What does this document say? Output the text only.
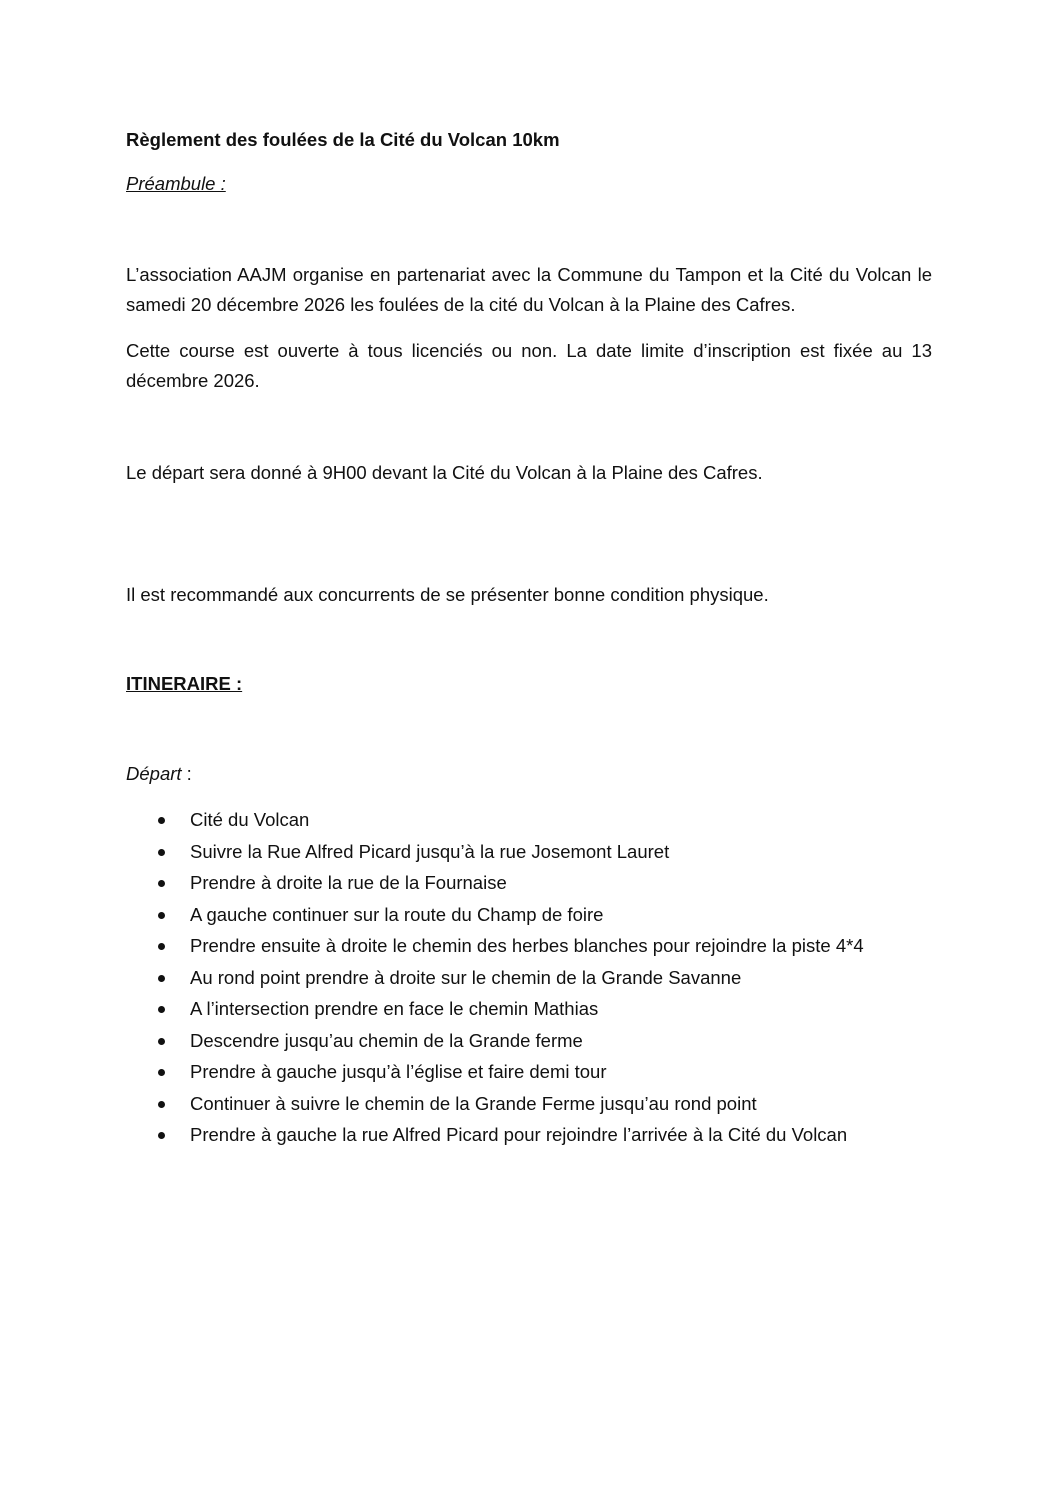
Règlement des foulées de la Cité du Volcan 10km

Préambule :

L’association AAJM organise en partenariat avec la Commune du Tampon et la Cité du Volcan le samedi 20 décembre 2026 les foulées de la cité du Volcan à la Plaine des Cafres.

Cette course est ouverte à tous licenciés ou non. La date limite d’inscription est fixée au 13 décembre 2026.

Le départ sera donné à 9H00 devant la Cité du Volcan à la Plaine des Cafres.

Il est recommandé aux concurrents de se présenter bonne condition physique.

ITINERAIRE :

Départ :

Cité du Volcan
Suivre la Rue Alfred Picard jusqu’à la rue Josemont Lauret
Prendre à droite la rue de la Fournaise
A gauche continuer sur la route du Champ de foire
Prendre ensuite à droite le chemin des herbes blanches pour rejoindre la piste 4*4
Au rond point prendre à droite sur le chemin de la Grande Savanne
A l’intersection prendre en face le chemin Mathias
Descendre jusqu’au chemin de la Grande ferme
Prendre à gauche jusqu’à l’église et faire demi tour
Continuer à suivre le chemin de la Grande Ferme jusqu’au rond point
Prendre à gauche la rue Alfred Picard pour rejoindre l’arrivée à la Cité du Volcan
